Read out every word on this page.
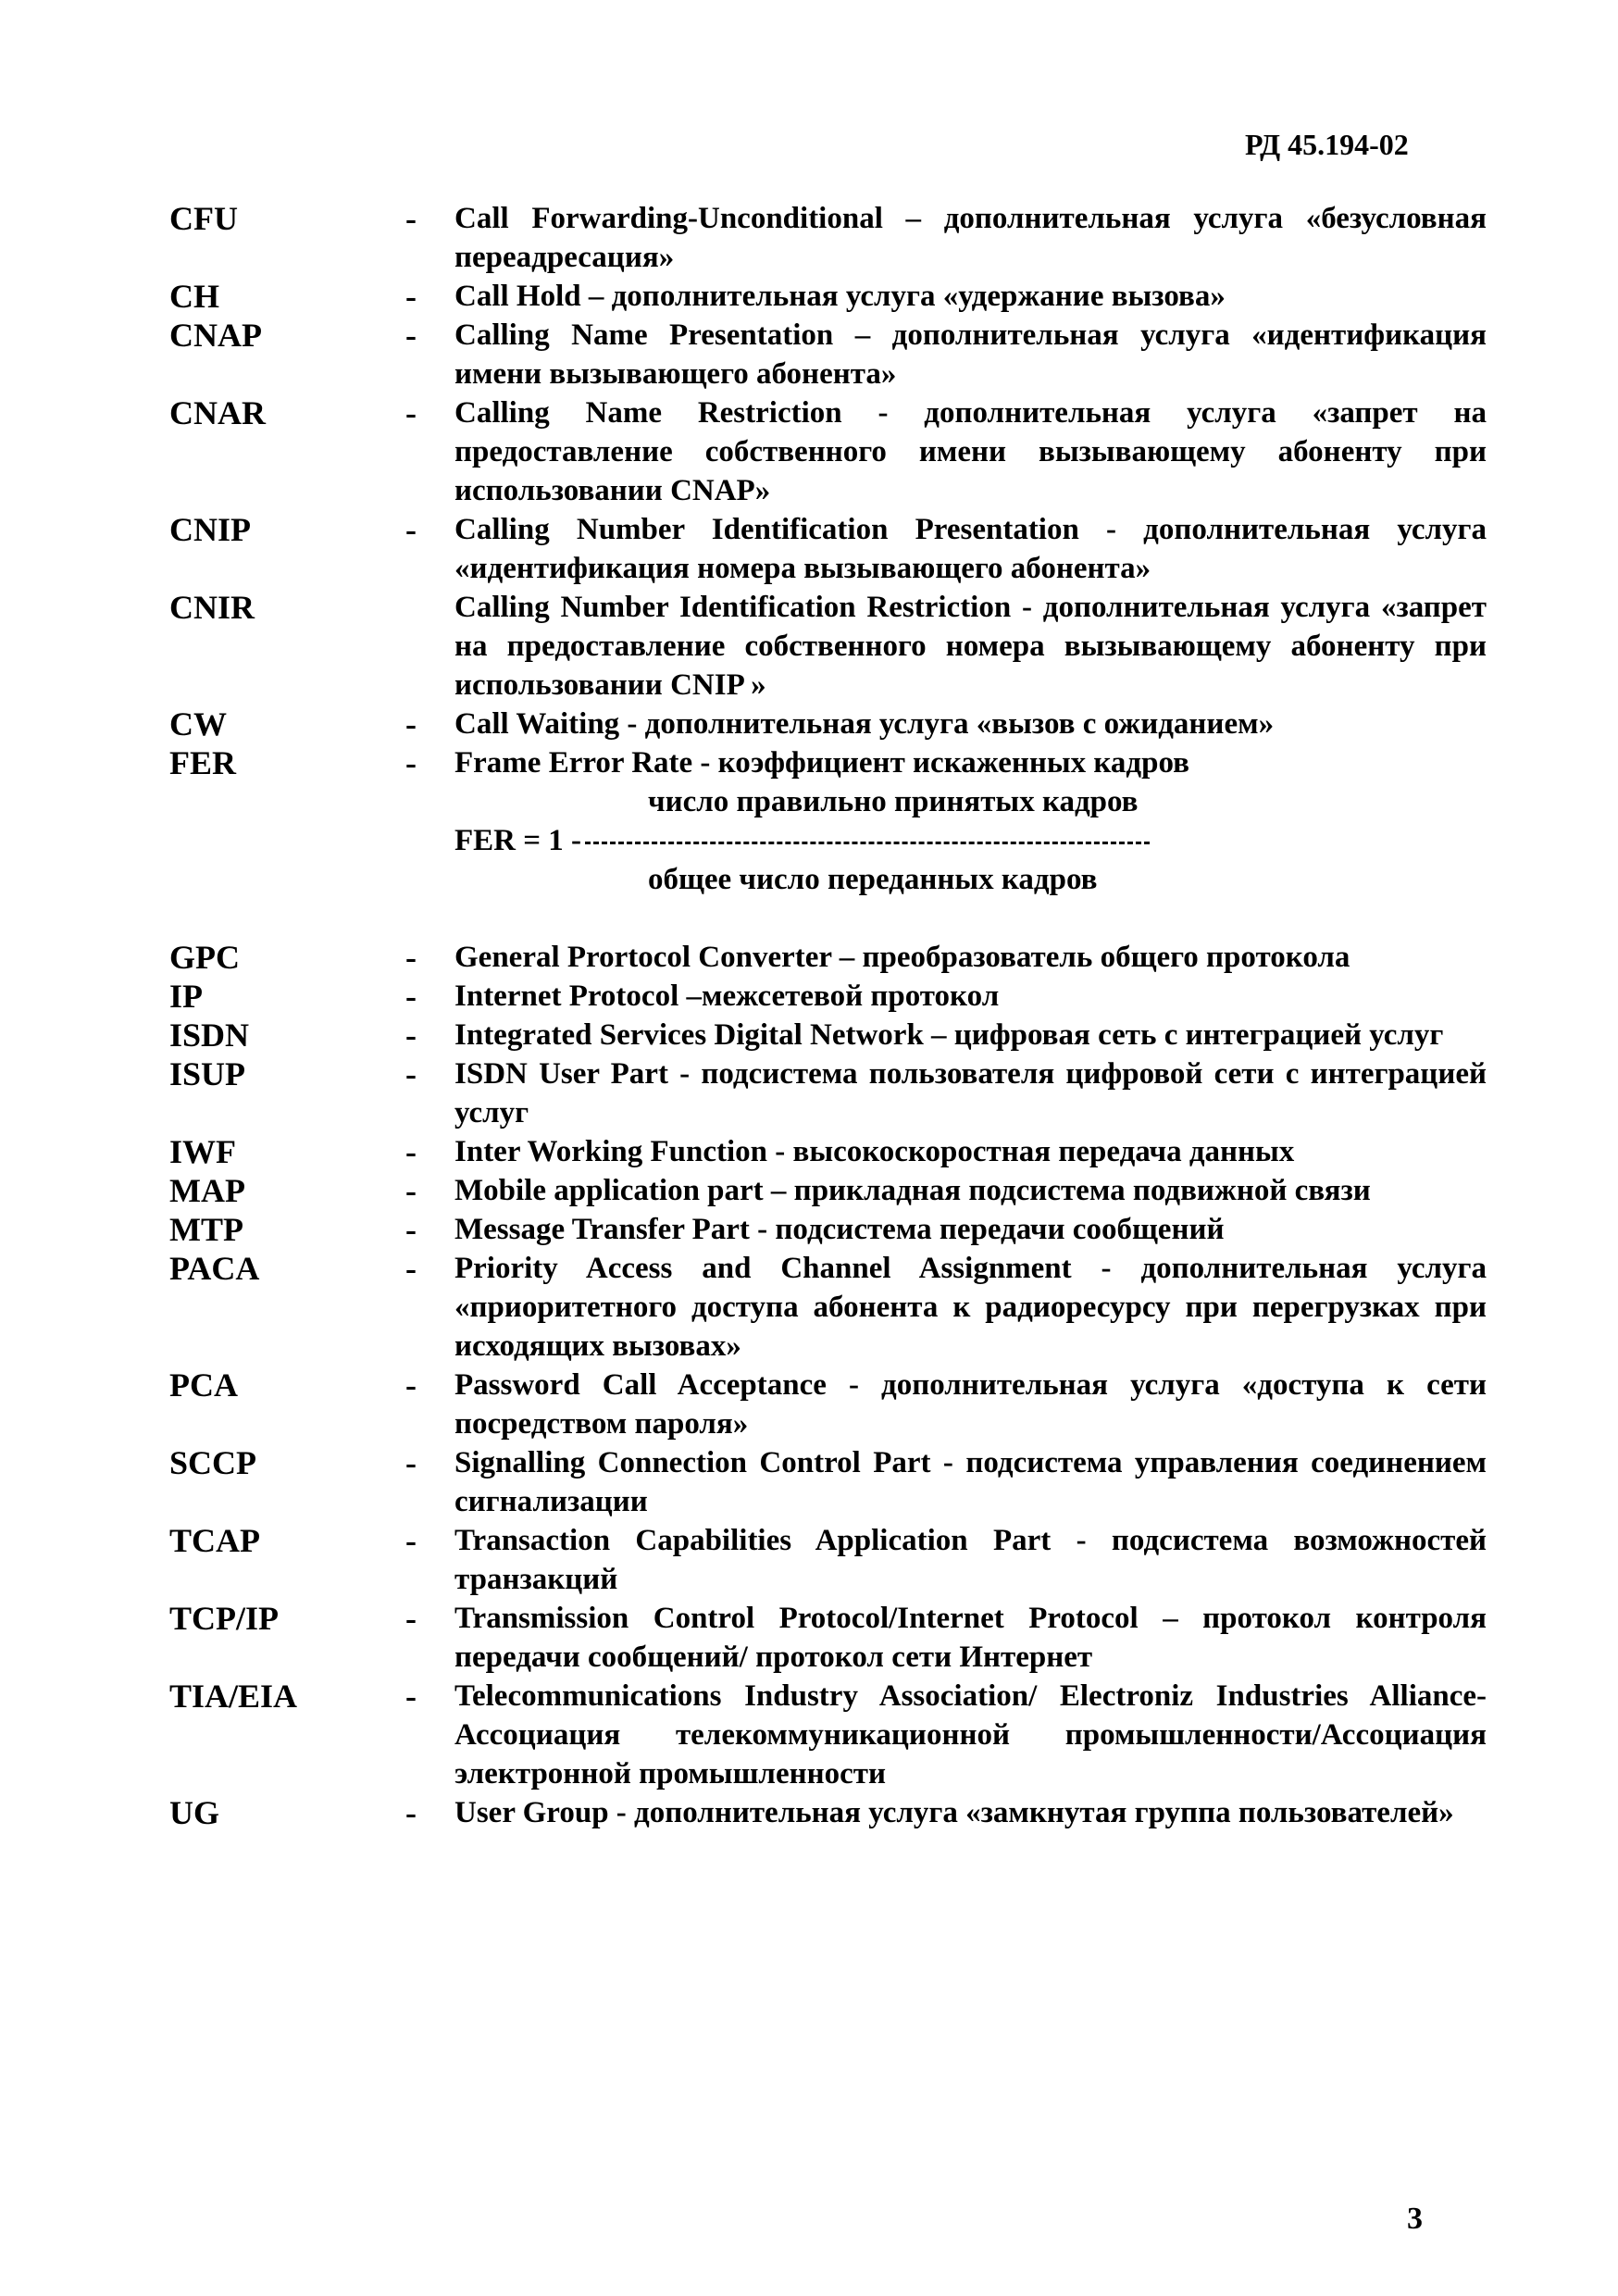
РД 45.194-02
CFU	- Call Forwarding-Unconditional – дополнительная услуга «безусловная переадресация»
CH	- Call Hold – дополнительная услуга «удержание вызова»
CNAP	- Calling Name Presentation – дополнительная услуга «идентификация имени вызывающего абонента»
CNAR	- Calling Name Restriction - дополнительная услуга «запрет на предоставление собственного имени вызывающему абоненту при использовании CNAP»
CNIP	- Calling Number Identification Presentation - дополнительная услуга «идентификация номера вызывающего абонента»
CNIR	Calling Number Identification Restriction - дополнительная услуга «запрет на предоставление собственного номера вызывающему абоненту при использовании CNIP »
CW	- Call Waiting - дополнительная услуга «вызов с ожиданием»
FER	- Frame Error Rate - коэффициент искаженных кадров
число правильно принятых кадров
FER = 1 -
общее число переданных кадров
GPC	- General Prortocol Converter – преобразователь общего протокола
IP	- Internet Protocol –межсетевой протокол
ISDN	- Integrated Services Digital Network – цифровая сеть с интеграцией услуг
ISUP	- ISDN User Part - подсистема пользователя цифровой сети с интеграцией услуг
IWF	- Inter Working Function - высокоскоростная передача данных
MAP	- Mobile application part – прикладная подсистема подвижной связи
MTP	- Message Transfer Part - подсистема передачи сообщений
PACA	- Priority Access and Channel Assignment - дополнительная услуга «приоритетного доступа абонента к радиоресурсу при перегрузках при исходящих вызовах»
PCA	- Password Call Acceptance - дополнительная услуга «доступа к сети посредством пароля»
SCCP	- Signalling Connection Control Part - подсистема управления соединением сигнализации
TCAP	- Transaction Capabilities Application Part - подсистема возможностей транзакций
TCP/IP	- Transmission Control Protocol/Internet Protocol – протокол контроля передачи сообщений/ протокол сети Интернет
TIA/EIA	- Telecommunications Industry Association/ Electroniz Industries Alliance- Ассоциация телекоммуникационной промышленности/Ассоциация электронной промышленности
UG	- User Group - дополнительная услуга «замкнутая группа пользователей»
3
